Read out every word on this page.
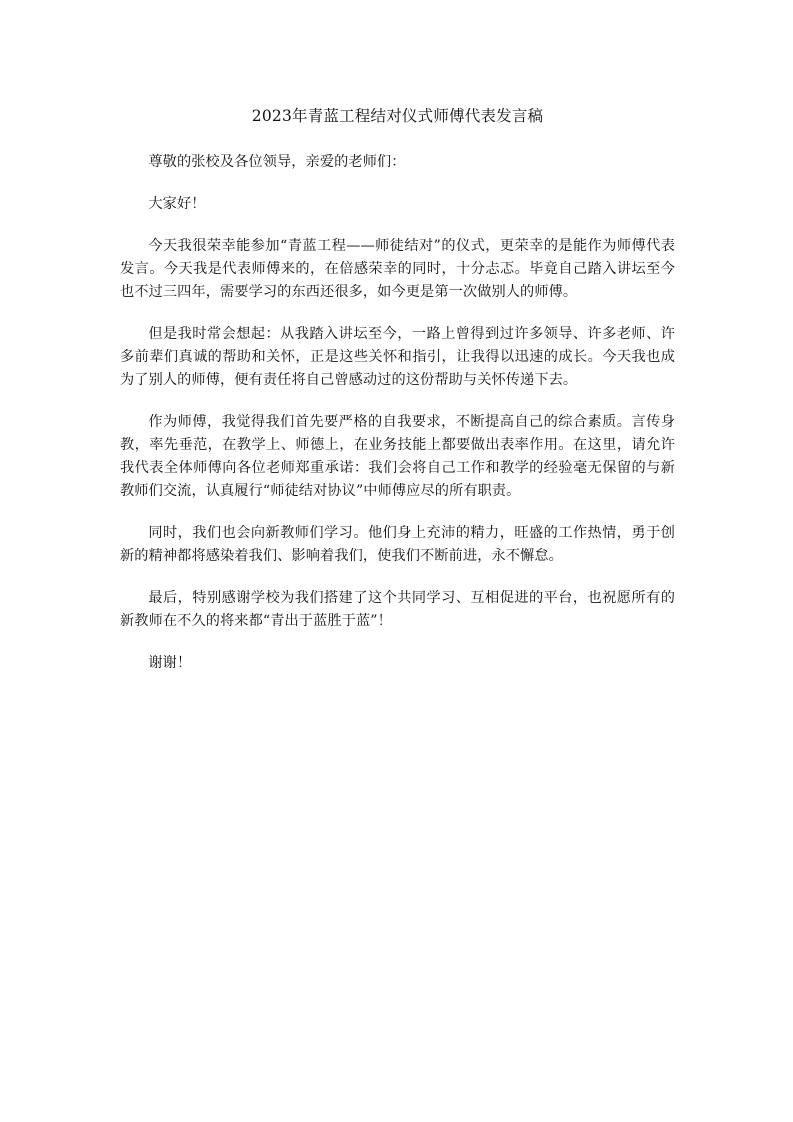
2023年青蓝工程结对仪式师傅代表发言稿

尊敬的张校及各位领导，亲爱的老师们：

大家好！

今天我很荣幸能参加“青蓝工程——师徒结对”的仪式，更荣幸的是能作为师傅代表发言。今天我是代表师傅来的，在倍感荣幸的同时，十分忐忑。毕竟自己踏入讲坛至今也不过三四年，需要学习的东西还很多，如今更是第一次做别人的师傅。

但是我时常会想起：从我踏入讲坛至今，一路上曾得到过许多领导、许多老师、许多前辈们真诚的帮助和关怀，正是这些关怀和指引，让我得以迅速的成长。今天我也成为了别人的师傅，便有责任将自己曾感动过的这份帮助与关怀传递下去。

作为师傅，我觉得我们首先要严格的自我要求，不断提高自己的综合素质。言传身教，率先垂范，在教学上、师德上，在业务技能上都要做出表率作用。在这里，请允许我代表全体师傅向各位老师郑重承诺：我们会将自己工作和教学的经验毫无保留的与新教师们交流，认真履行“师徒结对协议”中师傅应尽的所有职责。

同时，我们也会向新教师们学习。他们身上充沛的精力，旺盛的工作热情，勇于创新的精神都将感染着我们、影响着我们，使我们不断前进，永不懈怠。

最后，特别感谢学校为我们搭建了这个共同学习、互相促进的平台，也祝愿所有的新教师在不久的将来都“青出于蓝胜于蓝”！

谢谢！
